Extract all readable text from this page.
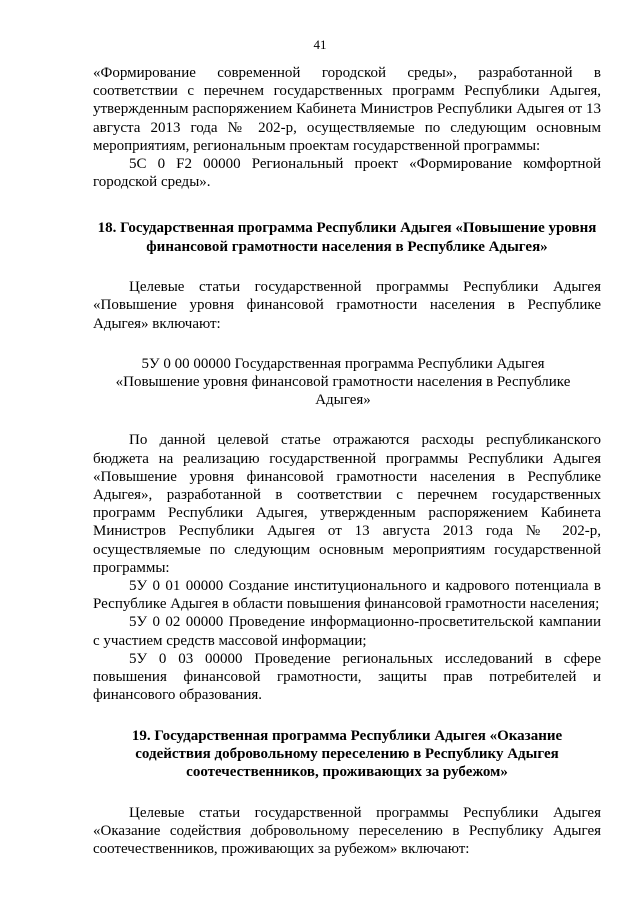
41

«Формирование современной городской среды», разработанной в соответствии с перечнем государственных программ Республики Адыгея, утвержденным распоряжением Кабинета Министров Республики Адыгея от 13 августа 2013 года № 202-р, осуществляемые по следующим основным мероприятиям, региональным проектам государственной программы:

5С 0 F2 00000 Региональный проект «Формирование комфортной городской среды».

18. Государственная программа Республики Адыгея «Повышение уровня финансовой грамотности населения в Республике Адыгея»

Целевые статьи государственной программы Республики Адыгея «Повышение уровня финансовой грамотности населения в Республике Адыгея» включают:

5У 0 00 00000 Государственная программа Республики Адыгея «Повышение уровня финансовой грамотности населения в Республике Адыгея»

По данной целевой статье отражаются расходы республиканского бюджета на реализацию государственной программы Республики Адыгея «Повышение уровня финансовой грамотности населения в Республике Адыгея», разработанной в соответствии с перечнем государственных программ Республики Адыгея, утвержденным распоряжением Кабинета Министров Республики Адыгея от 13 августа 2013 года № 202-р, осуществляемые по следующим основным мероприятиям государственной программы:

5У 0 01 00000 Создание институционального и кадрового потенциала в Республике Адыгея в области повышения финансовой грамотности населения;

5У 0 02 00000 Проведение информационно-просветительской кампании с участием средств массовой информации;

5У 0 03 00000 Проведение региональных исследований в сфере повышения финансовой грамотности, защиты прав потребителей и финансового образования.

19. Государственная программа Республики Адыгея «Оказание содействия добровольному переселению в Республику Адыгея соотечественников, проживающих за рубежом»

Целевые статьи государственной программы Республики Адыгея «Оказание содействия добровольному переселению в Республику Адыгея соотечественников, проживающих за рубежом» включают:
